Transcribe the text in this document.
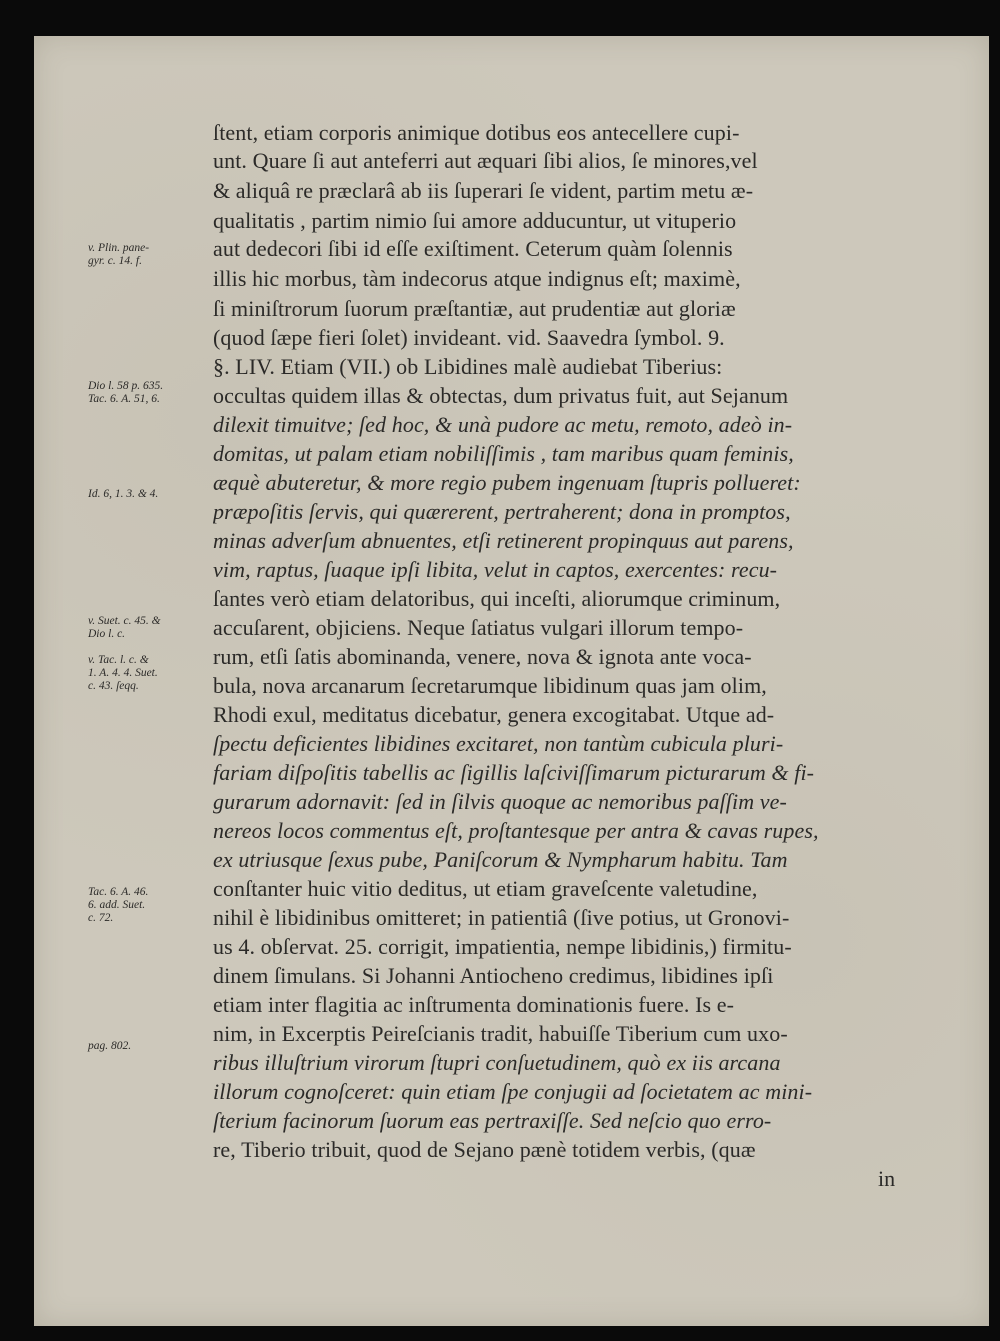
ſtent, etiam corporis animique dotibus eos antecellere cupi-
unt. Quare ſi aut anteferri aut æquari ſibi alios, ſe minores,vel
& aliquâ re præclarâ ab iis ſuperari ſe vident, partim metu æ-
qualitatis , partim nimio ſui amore adducuntur, ut vituperio
aut dedecori ſibi id eſſe exiſtiment. Ceterum quàm ſolennis
illis hic morbus, tàm indecorus atque indignus eſt; maximè,
ſi miniſtrorum ſuorum præſtantiæ, aut prudentiæ aut gloriæ
(quod ſæpe fieri ſolet) invideant. vid. Saavedra ſymbol. 9.
§. LIV. Etiam (VII.) ob Libidines malè audiebat Tiberius:
occultas quidem illas & obtectas, dum privatus fuit, aut Sejanum
dilexit timuitve; ſed hoc, & unà pudore ac metu, remoto, adeò in-
domitas, ut palam etiam nobiliſſimis , tam maribus quam feminis,
æquè abuteretur, & more regio pubem ingenuam ſtupris pollueret:
præpoſitis ſervis, qui quærerent, pertraherent; dona in promptos,
minas adverſum abnuentes, etſi retinerent propinquus aut parens,
vim, raptus, ſuaque ipſi libita, velut in captos, exercentes: recu-
ſantes verò etiam delatoribus, qui inceſti, aliorumque criminum,
accuſarent, objiciens. Neque ſatiatus vulgari illorum tempo-
rum, etſi ſatis abominanda, venere, nova & ignota ante voca-
bula, nova arcanarum ſecretarumque libidinum quas jam olim,
Rhodi exul, meditatus dicebatur, genera excogitabat. Utque ad-
ſpectu deficientes libidines excitaret, non tantùm cubicula pluri-
fariam diſpoſitis tabellis ac ſigillis laſciviſſimarum picturarum & fi-
gurarum adornavit: ſed in ſilvis quoque ac nemoribus paſſim ve-
nereos locos commentus eſt, proſtantesque per antra & cavas rupes,
ex utriusque ſexus pube, Paniſcorum & Nympharum habitu. Tam
conſtanter huic vitio deditus, ut etiam graveſcente valetudine,
nihil è libidinibus omitteret; in patientiâ (ſive potius, ut Gronovi-
us 4. obſervat. 25. corrigit, impatientia, nempe libidinis,) firmitu-
dinem ſimulans. Si Johanni Antiocheno credimus, libidines ipſi
etiam inter flagitia ac inſtrumenta dominationis fuere. Is e-
nim, in Excerptis Peireſcianis tradit, habuiſſe Tiberium cum uxo-
ribus illuſtrium virorum ſtupri conſuetudinem, quò ex iis arcana
illorum cognoſceret: quin etiam ſpe conjugii ad ſocietatem ac mini-
ſterium facinorum ſuorum eas pertraxiſſe. Sed neſcio quo erro-
re, Tiberio tribuit, quod de Sejano pænè totidem verbis, (quæ
v. Plin. pane-
gyr. c. 14. f.
Dio l. 58 p. 635.
Tac. 6. A. 51, 6.
Id. 6, 1. 3. & 4.
v. Suet. c. 45. &
Dio l. c.
v. Tac. l. c. &
1. A. 4. 4. Suet.
c. 43. ſeqq.
Tac. 6. A. 46.
6. add. Suet.
c. 72.
pag. 802.
in
